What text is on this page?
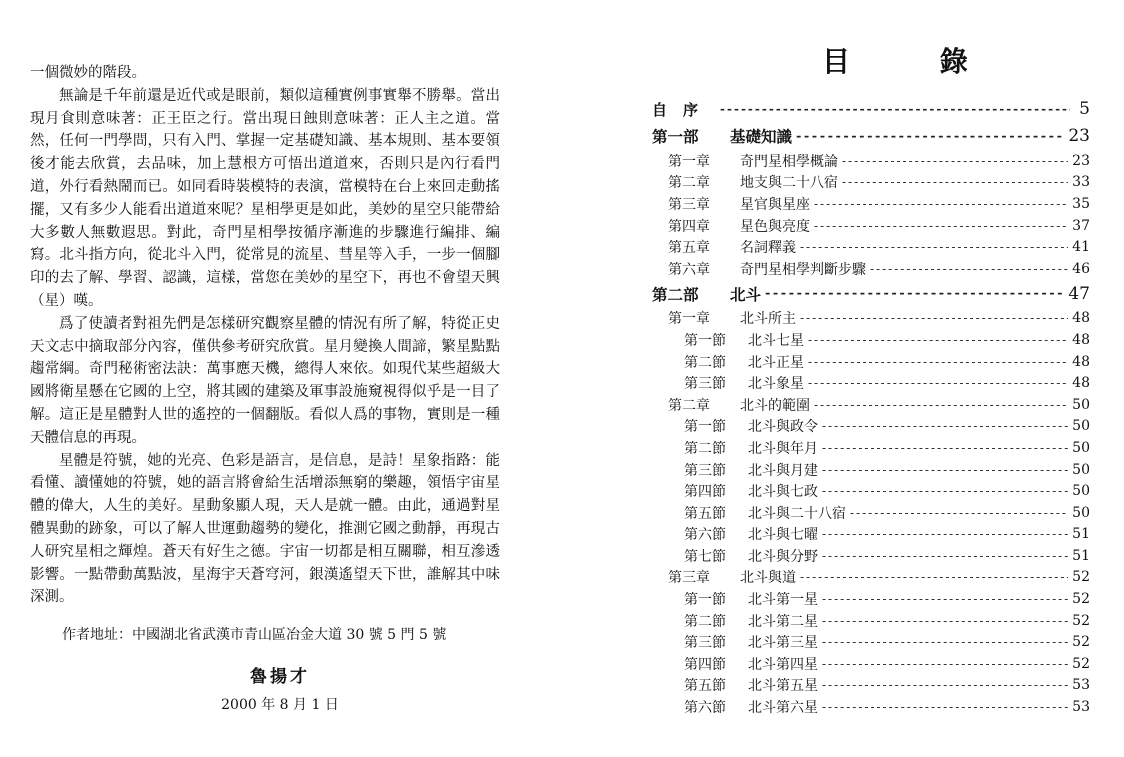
一個微妙的階段。

無論是千年前還是近代或是眼前，類似這種實例事實舉不勝舉。當出現月食則意味著：正王臣之行。當出現日蝕則意味著：正人主之道。當然，任何一門學問，只有入門、掌握一定基礎知識、基本規則、基本要領後才能去欣賞，去品味，加上慧根方可悟出道道來，否則只是內行看門道，外行看熱鬧而已。如同看時裝模特的表演，當模特在台上來回走動搖擺，又有多少人能看出道道來呢？星相學更是如此，美妙的星空只能帶給大多數人無數遐思。對此，奇門星相學按循序漸進的步驟進行編排、編寫。北斗指方向，從北斗入門，從常見的流星、彗星等入手，一步一個腳印的去了解、學習、認識，這樣，當您在美妙的星空下，再也不會望天興（星）嘆。

爲了使讀者對祖先們是怎樣研究觀察星體的情況有所了解，特從正史天文志中摘取部分內容，僅供參考研究欣賞。星月變換人間諦，繁星點點趨常綱。奇門秘術密法訣：萬事應天機，總得人來依。如現代某些超級大國將衛星懸在它國的上空，將其國的建築及軍事設施窺視得似乎是一目了解。這正是星體對人世的遙控的一個翻版。看似人爲的事物，實則是一種天體信息的再現。

星體是符號，她的光亮、色彩是語言，是信息，是詩！星象指路：能看懂、讀懂她的符號，她的語言將會給生活增添無窮的樂趣，領悟宇宙星體的偉大，人生的美好。星動象顯人現，天人是就一體。由此，通過對星體異動的跡象，可以了解人世運動趨勢的變化，推測它國之動靜，再現古人研究星相之輝煌。蒼天有好生之德。宇宙一切都是相互關聯，相互滲透影響。一點帶動萬點波，星海宇天蒼穹河，銀漢遙望天下世，誰解其中味深測。

作者地址：中國湖北省武漢市青山區冶金大道 30 號 5 門 5 號
魯揚才
2000 年 8 月 1 日
目 錄
自序 -----	5
第一部	基礎知識 -----	23
第一章	奇門星相學概論 -----	23
第二章	地支與二十八宿 -----	33
第三章	星官與星座 -----	35
第四章	星色與亮度 -----	37
第五章	名詞釋義 -----	41
第六章	奇門星相學判斷步驟 -----	46
第二部	北斗 -----	47
第一章	北斗所主 -----	48
第一節	北斗七星 -----	48
第二節	北斗正星 -----	48
第三節	北斗象星 -----	48
第二章	北斗的範圍 -----	50
第一節	北斗與政令 -----	50
第二節	北斗與年月 -----	50
第三節	北斗與月建 -----	50
第四節	北斗與七政 -----	50
第五節	北斗與二十八宿 -----	50
第六節	北斗與七曜 -----	51
第七節	北斗與分野 -----	51
第三章	北斗與道 -----	52
第一節	北斗第一星 -----	52
第二節	北斗第二星 -----	52
第三節	北斗第三星 -----	52
第四節	北斗第四星 -----	52
第五節	北斗第五星 -----	53
第六節	北斗第六星 -----	53
